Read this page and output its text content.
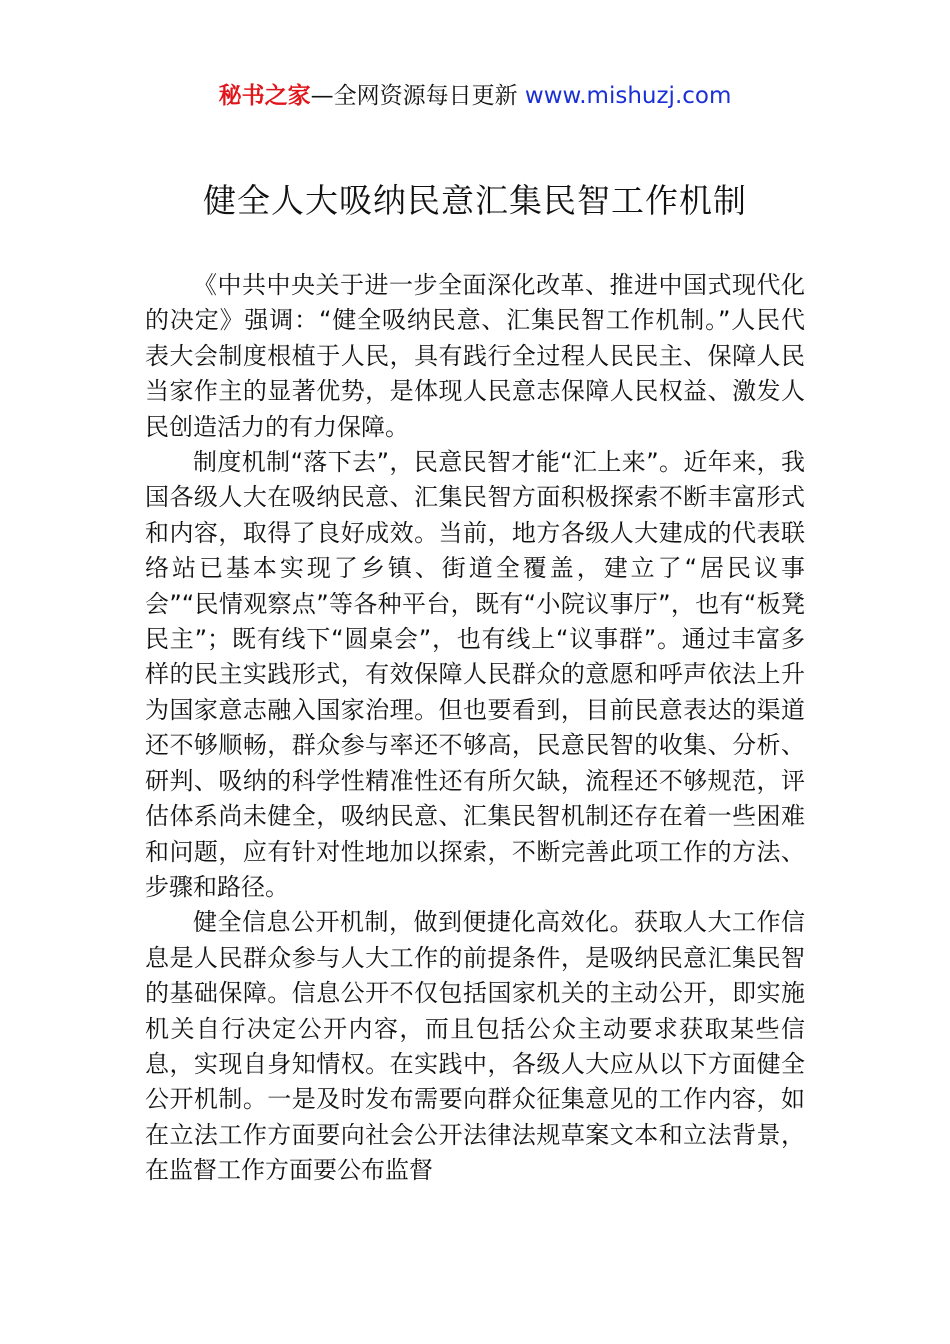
秘书之家—全网资源每日更新 www.mishuzj.com
健全人大吸纳民意汇集民智工作机制

《中共中央关于进一步全面深化改革、推进中国式现代化的决定》强调：“健全吸纳民意、汇集民智工作机制。”人民代表大会制度根植于人民，具有践行全过程人民民主、保障人民当家作主的显著优势，是体现人民意志保障人民权益、激发人民创造活力的有力保障。

制度机制“落下去”，民意民智才能“汇上来”。近年来，我国各级人大在吸纳民意、汇集民智方面积极探索不断丰富形式和内容，取得了良好成效。当前，地方各级人大建成的代表联络站已基本实现了乡镇、街道全覆盖，建立了“居民议事会”“民情观察点”等各种平台，既有“小院议事厅”，也有“板凳民主”；既有线下“圆桌会”，也有线上“议事群”。通过丰富多样的民主实践形式，有效保障人民群众的意愿和呼声依法上升为国家意志融入国家治理。但也要看到，目前民意表达的渠道还不够顺畅，群众参与率还不够高，民意民智的收集、分析、研判、吸纳的科学性精准性还有所欠缺，流程还不够规范，评估体系尚未健全，吸纳民意、汇集民智机制还存在着一些困难和问题，应有针对性地加以探索，不断完善此项工作的方法、步骤和路径。

健全信息公开机制，做到便捷化高效化。获取人大工作信息是人民群众参与人大工作的前提条件，是吸纳民意汇集民智的基础保障。信息公开不仅包括国家机关的主动公开，即实施机关自行决定公开内容，而且包括公众主动要求获取某些信息，实现自身知情权。在实践中，各级人大应从以下方面健全公开机制。一是及时发布需要向群众征集意见的工作内容，如在立法工作方面要向社会公开法律法规草案文本和立法背景，在监督工作方面要公布监督
